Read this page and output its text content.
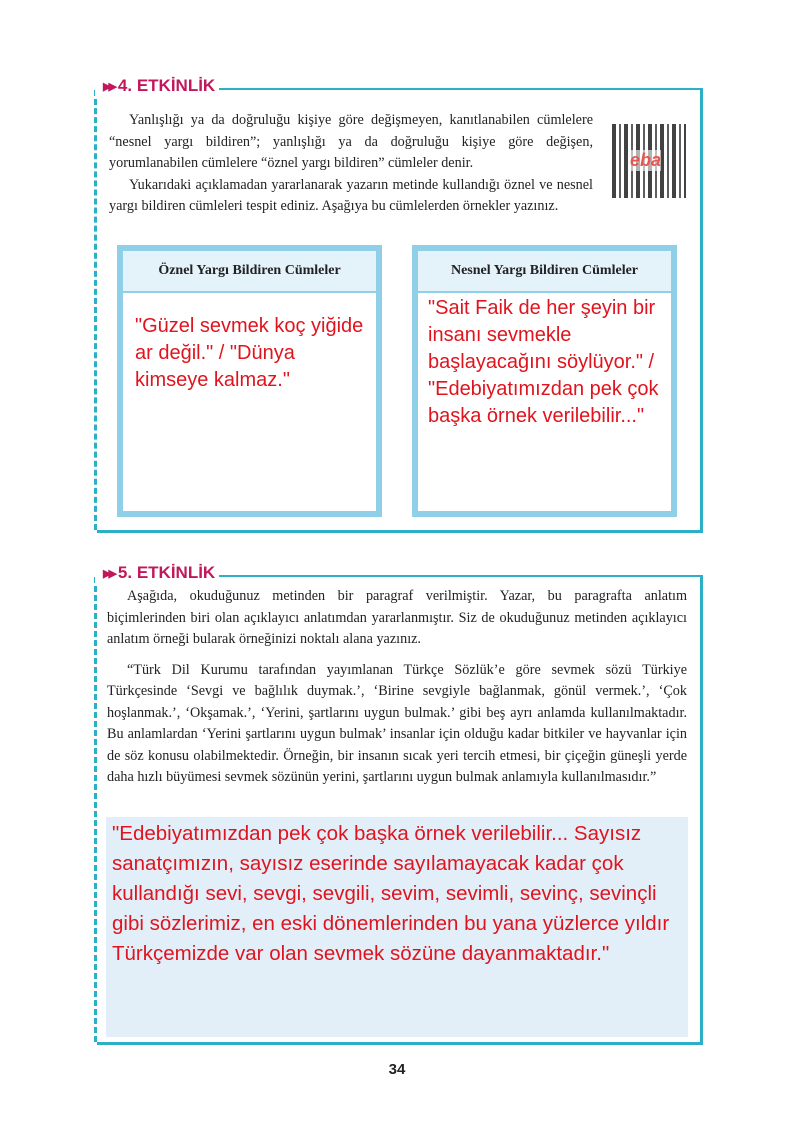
▶▶ 4. ETKİNLİK

Yanlışlığı ya da doğruluğu kişiye göre değişmeyen, kanıtlanabilen cümlelere “nesnel yargı bildiren”; yanlışlığı ya da doğruluğu kişiye göre değişen, yorumlanabilen cümlelere “öznel yargı bildiren” cümleler denir.

Yukarıdaki açıklamadan yararlanarak yazarın metinde kullandığı öznel ve nesnel yargı bildiren cümleleri tespit ediniz. Aşağıya bu cümlelerden örnekler yazınız.

eba
Öznel Yargı Bildiren Cümleler
"Güzel sevmek koç yiğide ar değil." / "Dünya kimseye kalmaz."
Nesnel Yargı Bildiren Cümleler
"Sait Faik de her şeyin bir insanı sevmekle başlayacağını söylüyor." / "Edebiyatımızdan pek çok başka örnek verilebilir..."
▶▶ 5. ETKİNLİK

Aşağıda, okuduğunuz metinden bir paragraf verilmiştir. Yazar, bu paragrafta anlatım biçimlerinden biri olan açıklayıcı anlatımdan yararlanmıştır. Siz de okuduğunuz metinden açıklayıcı anlatım örneği bularak örneğinizi noktalı alana yazınız.

“Türk Dil Kurumu tarafından yayımlanan Türkçe Sözlük’e göre sevmek sözü Türkiye Türkçesinde ‘Sevgi ve bağlılık duymak.’, ‘Birine sevgiyle bağlanmak, gönül vermek.’, ‘Çok hoşlanmak.’, ‘Okşamak.’, ‘Yerini, şartlarını uygun bulmak.’ gibi beş ayrı anlamda kullanılmaktadır. Bu anlamlardan ‘Yerini şartlarını uygun bulmak’ insanlar için olduğu kadar bitkiler ve hayvanlar için de söz konusu olabilmektedir. Örneğin, bir insanın sıcak yeri tercih etmesi, bir çiçeğin güneşli yerde daha hızlı büyümesi sevmek sözünün yerini, şartlarını uygun bulmak anlamıyla kullanılmasıdır.”

"Edebiyatımızdan pek çok başka örnek verilebilir... Sayısız sanatçımızın, sayısız eserinde sayılamayacak kadar çok kullandığı sevi, sevgi, sevgili, sevim, sevimli, sevinç, sevinçli gibi sözlerimiz, en eski dönemlerinden bu yana yüzlerce yıldır Türkçemizde var olan sevmek sözüne dayanmaktadır."
34
